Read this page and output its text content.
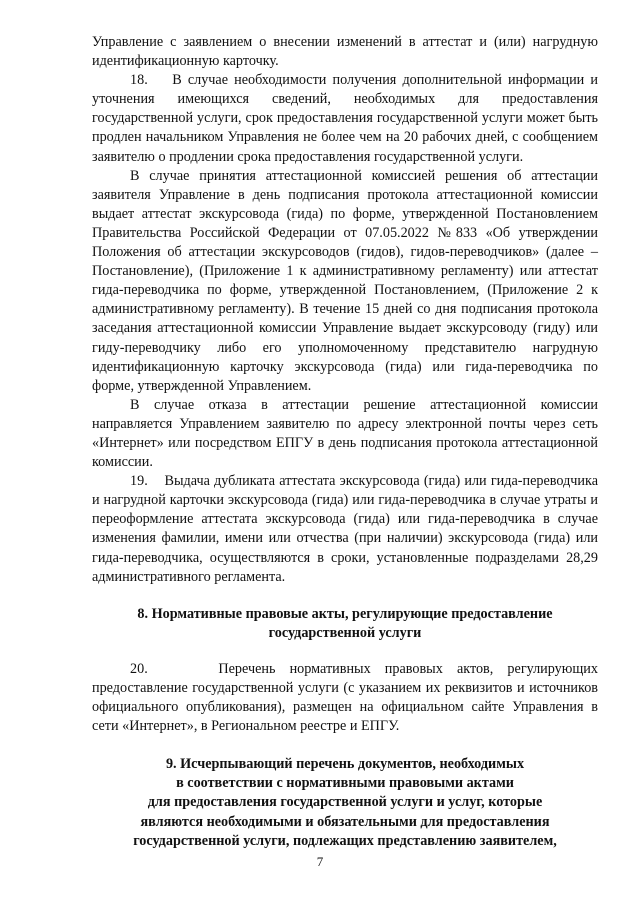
Управление с заявлением о внесении изменений в аттестат и (или) нагрудную идентификационную карточку.

18.    В случае необходимости получения дополнительной информации и уточнения имеющихся сведений, необходимых для предоставления государственной услуги, срок предоставления государственной услуги может быть продлен начальником Управления не более чем на 20 рабочих дней, с сообщением заявителю о продлении срока предоставления государственной услуги.

В случае принятия аттестационной комиссией решения об аттестации заявителя Управление в день подписания протокола аттестационной комиссии выдает аттестат экскурсовода (гида) по форме, утвержденной Постановлением Правительства Российской Федерации от 07.05.2022 №833 «Об утверждении Положения об аттестации экскурсоводов (гидов), гидов-переводчиков» (далее – Постановление), (Приложение 1 к административному регламенту) или аттестат гида-переводчика по форме, утвержденной Постановлением, (Приложение 2 к административному регламенту). В течение 15 дней со дня подписания протокола заседания аттестационной комиссии Управление выдает экскурсоводу (гиду) или гиду-переводчику либо его уполномоченному представителю нагрудную идентификационную карточку экскурсовода (гида) или гида-переводчика по форме, утвержденной Управлением.

В случае отказа в аттестации решение аттестационной комиссии направляется Управлением заявителю по адресу электронной почты через сеть «Интернет» или посредством ЕПГУ в день подписания протокола аттестационной комиссии.

19.    Выдача дубликата аттестата экскурсовода (гида) или гида-переводчика и нагрудной карточки экскурсовода (гида) или гида-переводчика в случае утраты и переоформление аттестата экскурсовода (гида) или гида-переводчика в случае изменения фамилии, имени или отчества (при наличии) экскурсовода (гида) или гида-переводчика, осуществляются в сроки, установленные подразделами 28,29 административного регламента.

8. Нормативные правовые акты, регулирующие предоставление
государственной услуги

20.     Перечень нормативных правовых актов, регулирующих предоставление государственной услуги (с указанием их реквизитов и источников официального опубликования), размещен на официальном сайте Управления в сети «Интернет», в Региональном реестре и ЕПГУ.

9. Исчерпывающий перечень документов, необходимых
в соответствии с нормативными правовыми актами
для предоставления государственной услуги и услуг, которые
являются необходимыми и обязательными для предоставления
государственной услуги, подлежащих представлению заявителем,
7
